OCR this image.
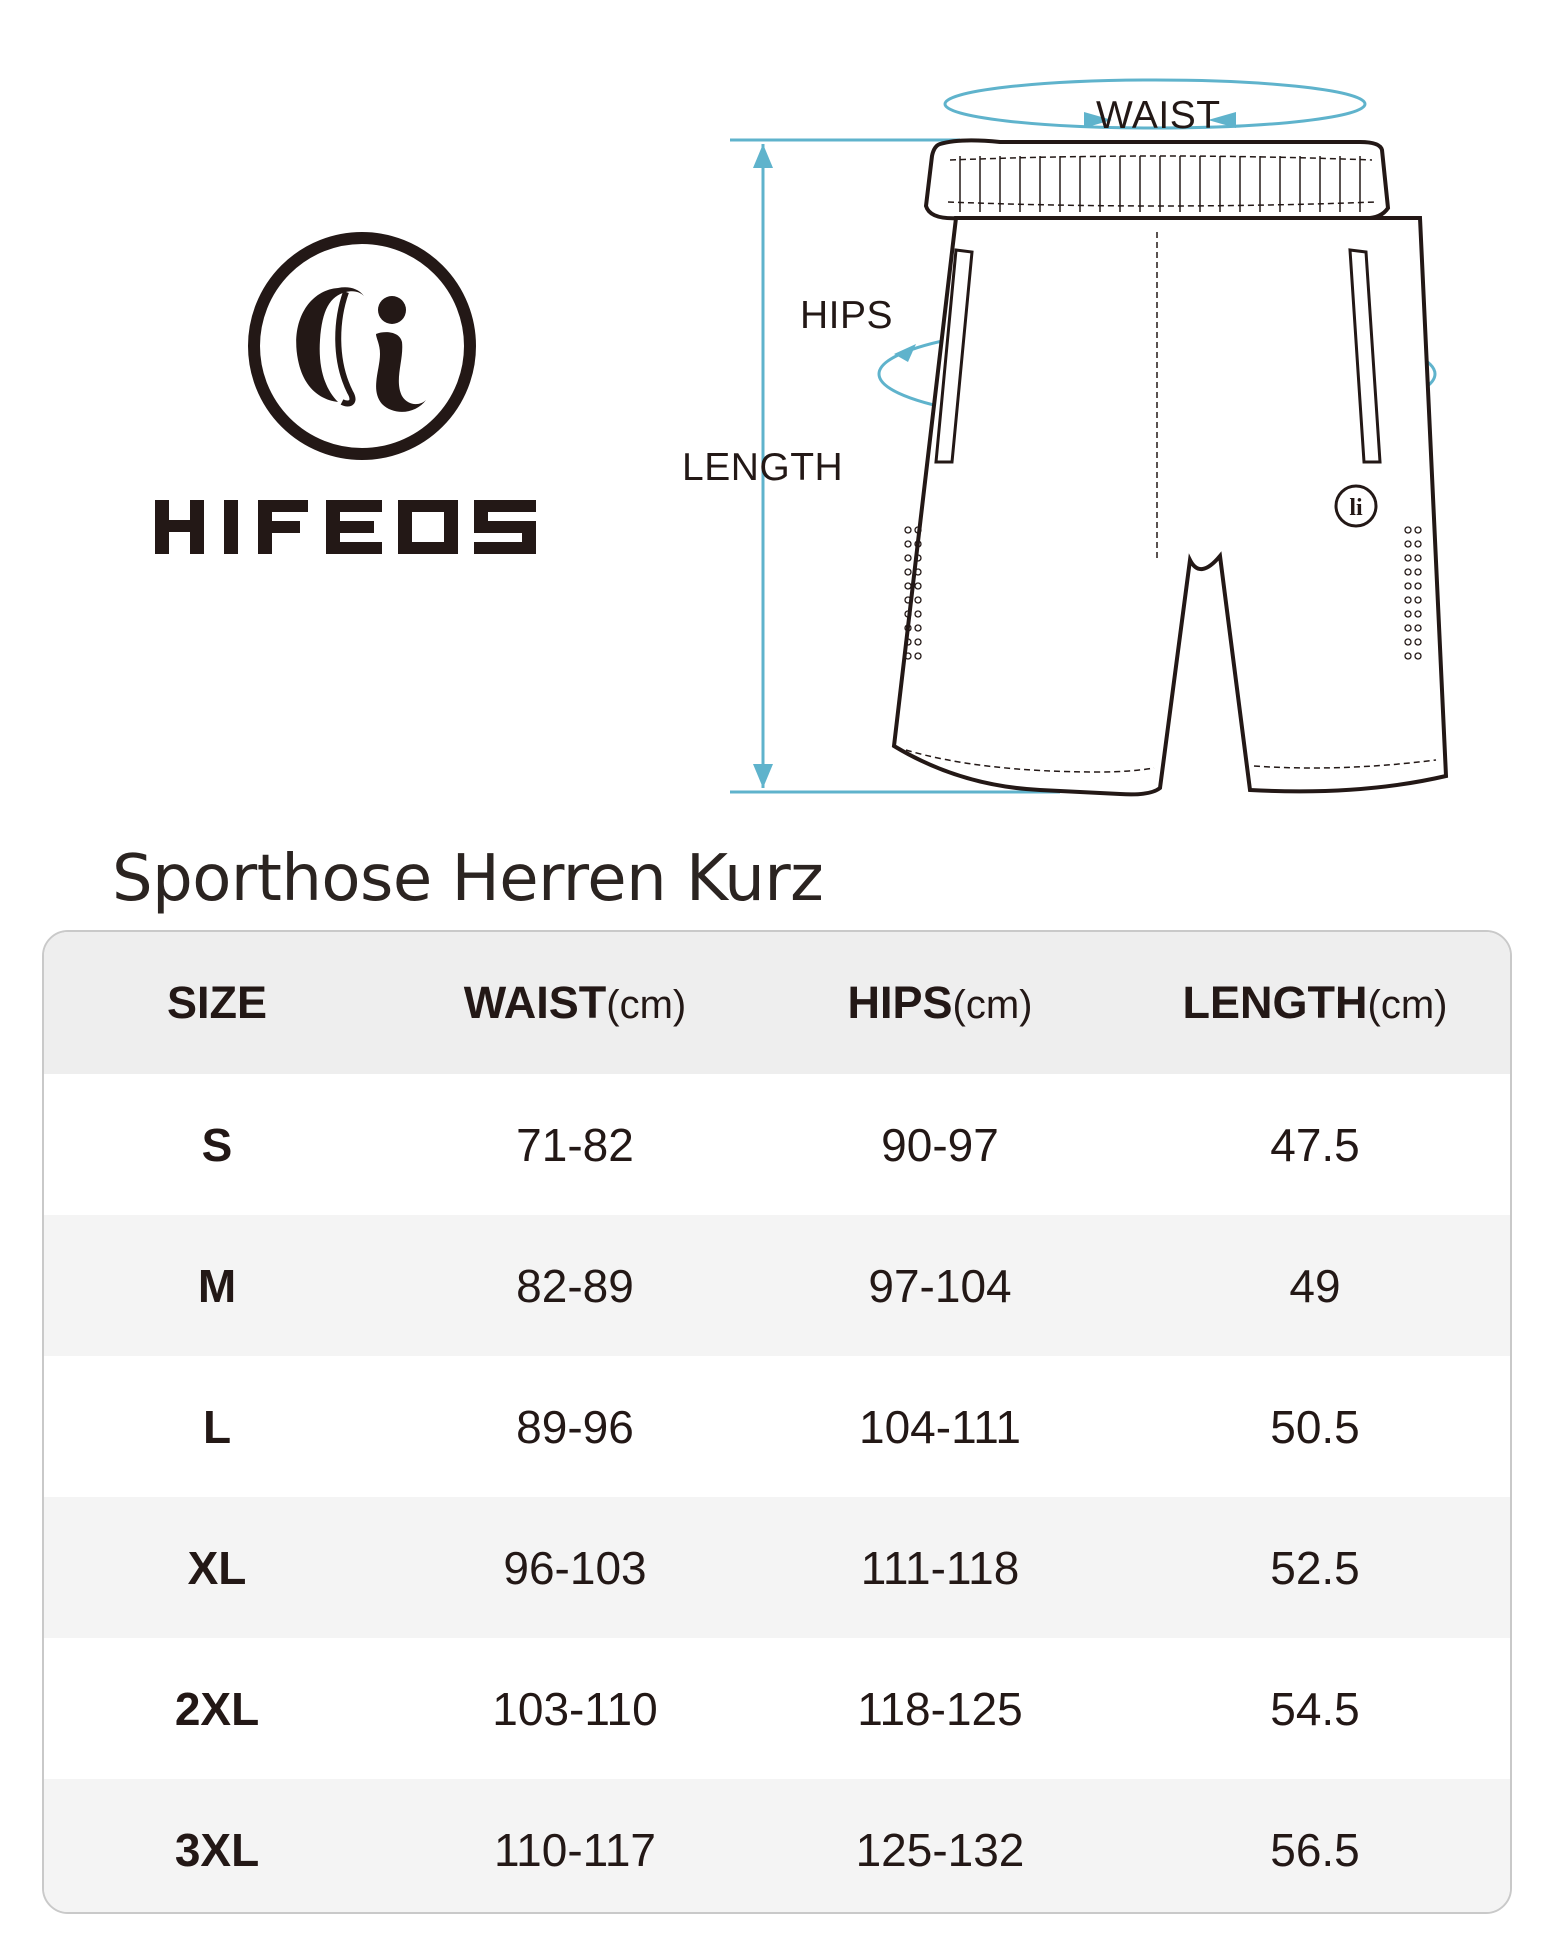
li
WAIST
HIPS
LENGTH
Sporthose Herren Kurz
SIZE	WAIST(cm)	HIPS(cm)	LENGTH(cm)
S	71-82	90-97	47.5
M	82-89	97-104	49
L	89-96	104-111	50.5
XL	96-103	111-118	52.5
2XL	103-110	118-125	54.5
3XL	110-117	125-132	56.5
